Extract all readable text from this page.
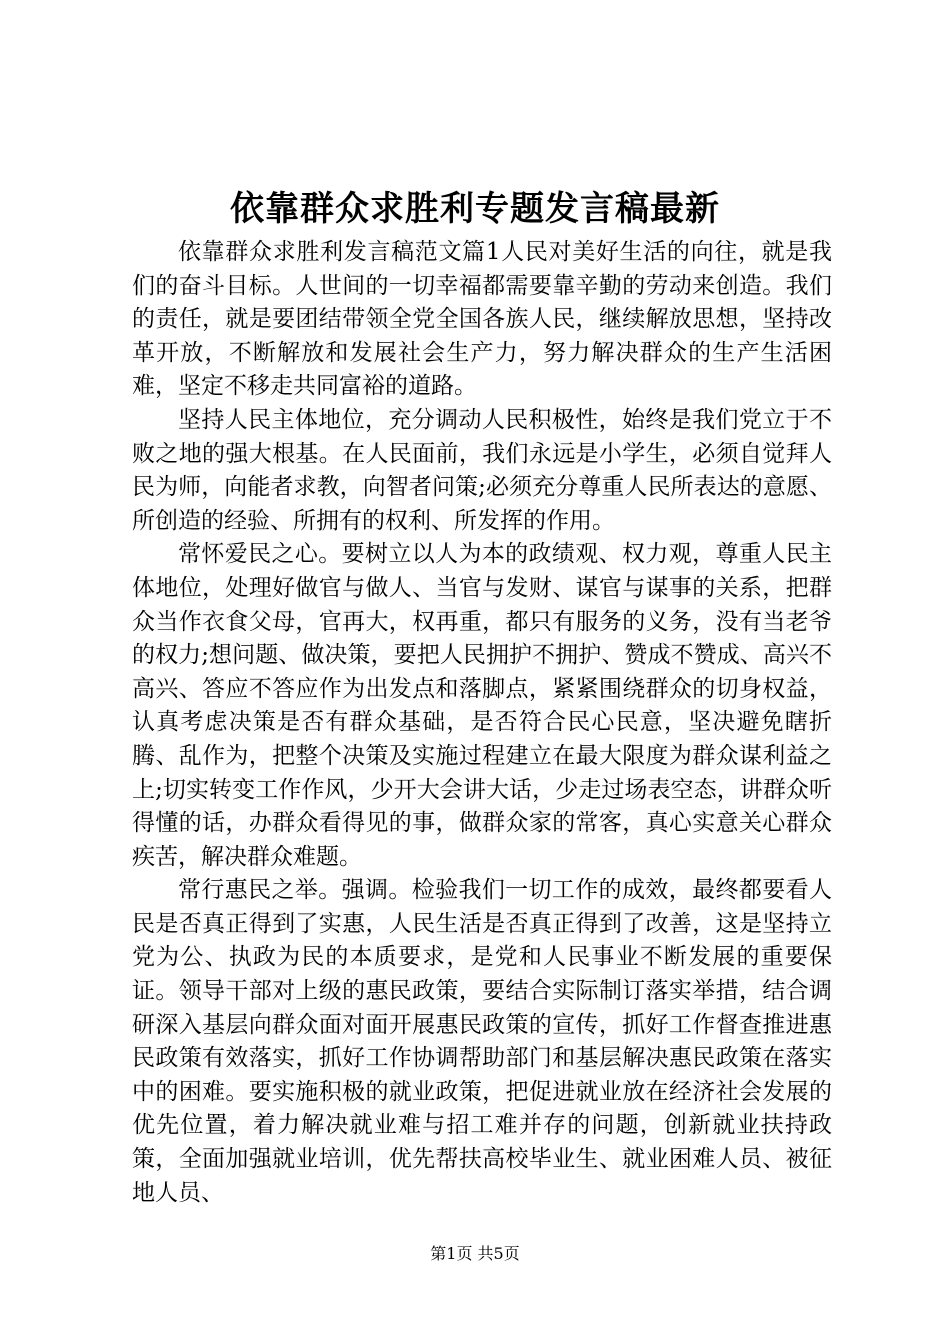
依靠群众求胜利专题发言稿最新

依靠群众求胜利发言稿范文篇1人民对美好生活的向往，就是我们的奋斗目标。人世间的一切幸福都需要靠辛勤的劳动来创造。我们的责任，就是要团结带领全党全国各族人民，继续解放思想，坚持改革开放，不断解放和发展社会生产力，努力解决群众的生产生活困难，坚定不移走共同富裕的道路。

坚持人民主体地位，充分调动人民积极性，始终是我们党立于不败之地的强大根基。在人民面前，我们永远是小学生，必须自觉拜人民为师，向能者求教，向智者问策;必须充分尊重人民所表达的意愿、所创造的经验、所拥有的权利、所发挥的作用。

常怀爱民之心。要树立以人为本的政绩观、权力观，尊重人民主体地位，处理好做官与做人、当官与发财、谋官与谋事的关系，把群众当作衣食父母，官再大，权再重，都只有服务的义务，没有当老爷的权力;想问题、做决策，要把人民拥护不拥护、赞成不赞成、高兴不高兴、答应不答应作为出发点和落脚点，紧紧围绕群众的切身权益，认真考虑决策是否有群众基础，是否符合民心民意，坚决避免瞎折腾、乱作为，把整个决策及实施过程建立在最大限度为群众谋利益之上;切实转变工作作风，少开大会讲大话，少走过场表空态，讲群众听得懂的话，办群众看得见的事，做群众家的常客，真心实意关心群众疾苦，解决群众难题。

常行惠民之举。强调。检验我们一切工作的成效，最终都要看人民是否真正得到了实惠，人民生活是否真正得到了改善，这是坚持立党为公、执政为民的本质要求，是党和人民事业不断发展的重要保证。领导干部对上级的惠民政策，要结合实际制订落实举措，结合调研深入基层向群众面对面开展惠民政策的宣传，抓好工作督查推进惠民政策有效落实，抓好工作协调帮助部门和基层解决惠民政策在落实中的困难。要实施积极的就业政策，把促进就业放在经济社会发展的优先位置，着力解决就业难与招工难并存的问题，创新就业扶持政策，全面加强就业培训，优先帮扶高校毕业生、就业困难人员、被征地人员、

第1页 共5页
